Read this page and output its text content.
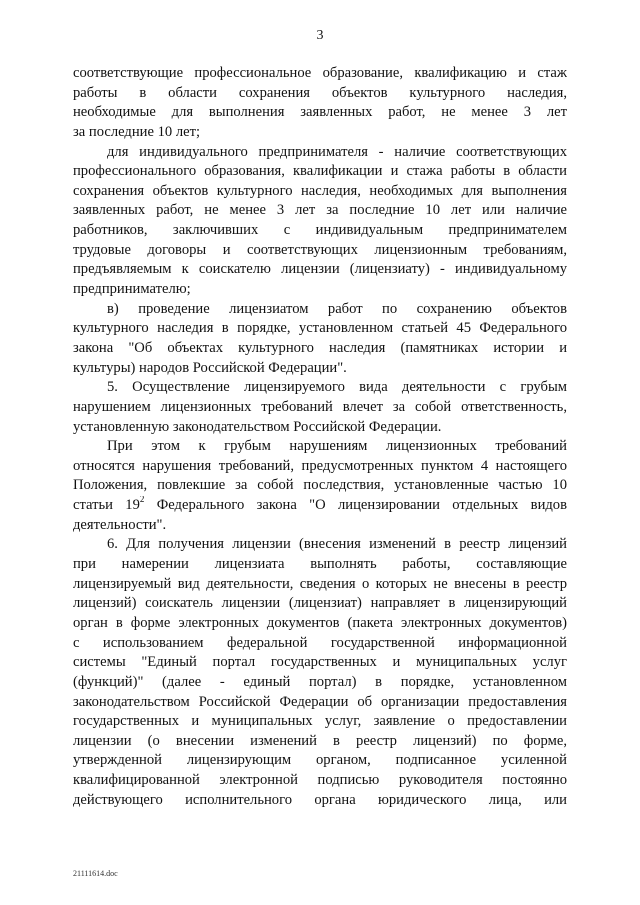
3
соответствующие профессиональное образование, квалификацию и стаж
работы в области сохранения объектов культурного наследия,
необходимые для выполнения заявленных работ, не менее 3 лет
за последние 10 лет;
для индивидуального предпринимателя - наличие соответствующих
профессионального образования, квалификации и стажа работы в области
сохранения объектов культурного наследия, необходимых для выполнения
заявленных работ, не менее 3 лет за последние 10 лет или наличие
работников, заключивших с индивидуальным предпринимателем
трудовые договоры и соответствующих лицензионным требованиям,
предъявляемым к соискателю лицензии (лицензиату) - индивидуальному
предпринимателю;
в) проведение лицензиатом работ по сохранению объектов
культурного наследия в порядке, установленном статьей 45 Федерального
закона "Об объектах культурного наследия (памятниках истории и
культуры) народов Российской Федерации".
5. Осуществление лицензируемого вида деятельности с грубым
нарушением лицензионных требований влечет за собой ответственность,
установленную законодательством Российской Федерации.
При этом к грубым нарушениям лицензионных требований
относятся нарушения требований, предусмотренных пунктом 4 настоящего
Положения, повлекшие за собой последствия, установленные частью 10
статьи $19^2$ Федерального закона "О лицензировании отдельных видов
деятельности".
6. Для получения лицензии (внесения изменений в реестр лицензий
при намерении лицензиата выполнять работы, составляющие
лицензируемый вид деятельности, сведения о которых не внесены в реестр
лицензий) соискатель лицензии (лицензиат) направляет в лицензирующий
орган в форме электронных документов (пакета электронных документов)
с использованием федеральной государственной информационной
системы "Единый портал государственных и муниципальных услуг
(функций)" (далее - единый портал) в порядке, установленном
законодательством Российской Федерации об организации предоставления
государственных и муниципальных услуг, заявление о предоставлении
лицензии (о внесении изменений в реестр лицензий) по форме,
утвержденной лицензирующим органом, подписанное усиленной
квалифицированной электронной подписью руководителя постоянно
действующего исполнительного органа юридического лица, или
21111614.doc
